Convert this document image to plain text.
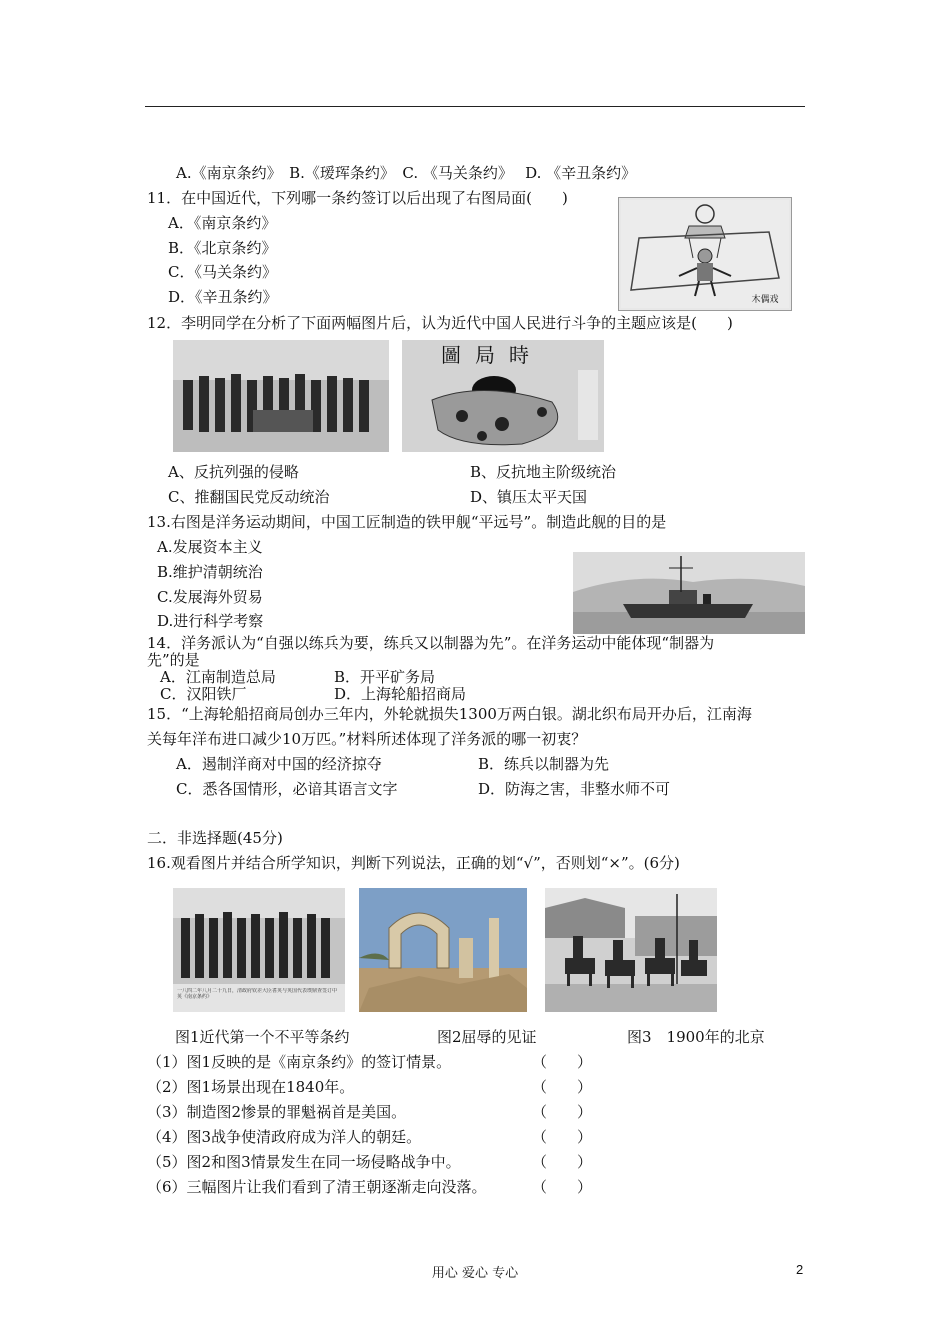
A.《南京条约》　B.《瑷珲条约》　C. 《马关条约》　 D. 《辛丑条约》
11．在中国近代，下列哪一条约签订以后出现了右图局面(　　)
A．《南京条约》
B．《北京条约》
C．《马关条约》
D．《辛丑条约》	木偶戏
12．李明同学在分析了下面两幅图片后，认为近代中国人民进行斗争的主题应该是(　　)
圖局時
A、反抗列强的侵略	B、反抗地主阶级统治
C、推翻国民党反动统治	D、镇压太平天国
13.右图是洋务运动期间，中国工匠制造的铁甲舰“平远号”。制造此舰的目的是
A.发展资本主义
B.维护清朝统治
C.发展海外贸易
D.进行科学考察
14．洋务派认为“自强以练兵为要，练兵又以制器为先”。在洋务运动中能体现“制器为
先”的是
A．江南制造总局	B．开平矿务局
C．汉阳铁厂	D．上海轮船招商局
15．“上海轮船招商局创办三年内，外轮就损失1300万两白银。湖北织布局开办后，江南海
关每年洋布进口减少10万匹。”材料所述体现了洋务派的哪一初衷？
A．遏制洋商对中国的经济掠夺	B．练兵以制器为先
C．悉各国情形，必谙其语言文字	D．防海之害，非整水师不可
二．非选择题(45分)
16.观看图片并结合所学知识，判断下列说法，正确的划“√”，否则划“×”。(6分)
一八四二年八月二十九日，清政府钦差大臣耆英与英国代表璞鼎查签订中英《南京条约》
图1近代第一个不平等条约	图2屈辱的见证	图3　1900年的北京
（1）图1反映的是《南京条约》的签订情景。	（　　）
（2）图1场景出现在1840年。	（　　）
（3）制造图2惨景的罪魁祸首是美国。	（　　）
（4）图3战争使清政府成为洋人的朝廷。	（　　）
（5）图2和图3情景发生在同一场侵略战争中。	（　　）
（6）三幅图片让我们看到了清王朝逐渐走向没落。	（　　）
用心 爱心 专心	2
